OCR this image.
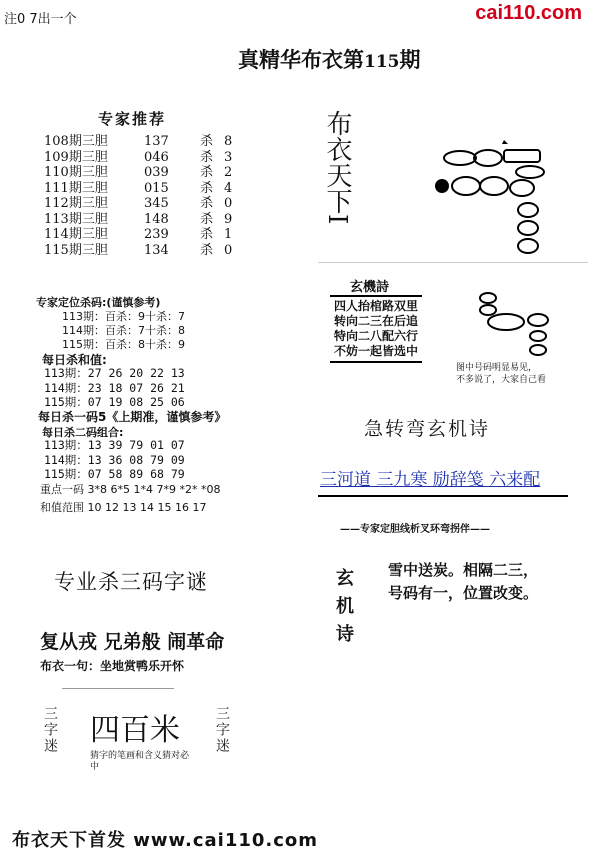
注0 7出一个	cai110.com
真精华布衣第115期
专家推荐
108期三胆	137	杀 8
109期三胆	046	杀 3
110期三胆	039	杀 2
111期三胆	015	杀 4
112期三胆	345	杀 0
113期三胆	148	杀 9
114期三胆	239	杀 1
115期三胆	134	杀 0
专家定位杀码:(谨慎参考)
113期：百杀：9十杀：7
114期：百杀：7十杀：8
115期：百杀：8十杀：9
每日杀和值:
113期：27 26 20 22 13
114期：23 18 07 26 21
115期：07 19 08 25 06
每日杀一码5《上期准，谨慎参考》
每日杀二码组合:
113期：13 39 79 01 07
114期：13 36 08 79 09
115期：07 58 89 68 79
重点一码 3*8 6*5 1*4 7*9 *2* *08
和值范围 10 12 13 14 15 16 17
专业杀三码字谜
复从戎 兄弟般 闹革命
布衣一句：坐地赏鸭乐开怀
三字迷 四百米
猜字的笔画和含义猜对必中
三字迷
布衣天下I
玄機詩
四人抬棺路双里
转向二三在后追
特向二八配六行
不妨一起皆选中
图中号码明显易见，
不多说了，大家自己看
急转弯玄机诗
三河道 三九寒 励辞笺 六来配
——专家定胆线析叉环弯拐伴——
玄机诗 雪中送炭。相隔二三，
号码有一，位置改变。
布衣天下首发 www.cai110.com
